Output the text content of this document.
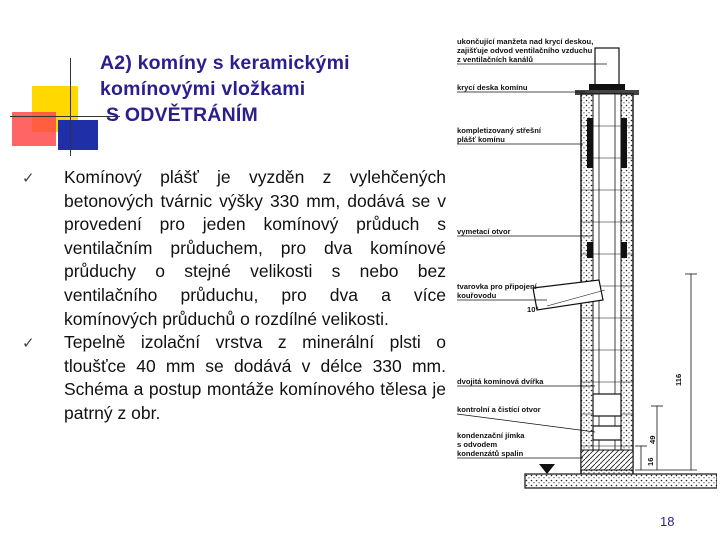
A2) komíny s keramickými
komínovými vložkami
S ODVĚTRÁNÍM
✓ Komínový plášť je vyzděn z vylehčených betonových tvárnic výšky 330 mm, dodává se v provedení pro jeden komínový průduch s ventilačním průduchem, pro dva komínové průduchy o stejné velikosti s nebo bez ventilačního průduchu, pro dva a více komínových průduchů o rozdílné velikosti.
✓ Tepelně izolační vrstva z minerální plsti o tloušťce 40 mm se dodává v délce 330 mm. Schéma a postup montáže komínového tělesa je patrný z obr.
116
49
16
ukončující manžeta nad krycí deskou,
zajišťuje odvod ventilačního vzduchu
z ventilačních kanálů
krycí deska komínu
kompletizovaný střešní
plášť komínu
vymetací otvor
tvarovka pro připojení
kouřovodu
10°
dvojitá komínová dvířka
kontrolní a čistící otvor
kondenzační jímka
s odvodem
kondenzátů spalin
18
